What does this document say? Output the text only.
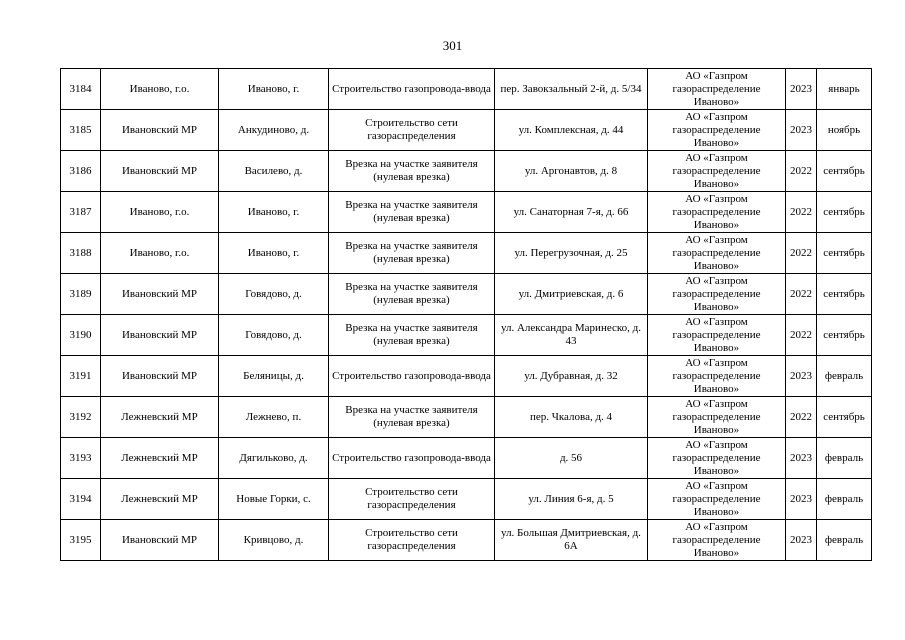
301
3184	Иваново, г.о.	Иваново, г.	Строительство газопровода-ввода	пер. Завокзальный 2-й, д. 5/34	АО «Газпром газораспределение Иваново»	2023	январь
3185	Ивановский МР	Анкудиново, д.	Строительство сети газораспределения	ул. Комплексная, д. 44	АО «Газпром газораспределение Иваново»	2023	ноябрь
3186	Ивановский МР	Василево, д.	Врезка на участке заявителя (нулевая врезка)	ул. Аргонавтов, д. 8	АО «Газпром газораспределение Иваново»	2022	сентябрь
3187	Иваново, г.о.	Иваново, г.	Врезка на участке заявителя (нулевая врезка)	ул. Санаторная 7-я, д. 66	АО «Газпром газораспределение Иваново»	2022	сентябрь
3188	Иваново, г.о.	Иваново, г.	Врезка на участке заявителя (нулевая врезка)	ул. Перегрузочная, д. 25	АО «Газпром газораспределение Иваново»	2022	сентябрь
3189	Ивановский МР	Говядово, д.	Врезка на участке заявителя (нулевая врезка)	ул. Дмитриевская, д. 6	АО «Газпром газораспределение Иваново»	2022	сентябрь
3190	Ивановский МР	Говядово, д.	Врезка на участке заявителя (нулевая врезка)	ул. Александра Маринеско, д. 43	АО «Газпром газораспределение Иваново»	2022	сентябрь
3191	Ивановский МР	Беляницы, д.	Строительство газопровода-ввода	ул. Дубравная, д. 32	АО «Газпром газораспределение Иваново»	2023	февраль
3192	Лежневский МР	Лежнево, п.	Врезка на участке заявителя (нулевая врезка)	пер. Чкалова, д. 4	АО «Газпром газораспределение Иваново»	2022	сентябрь
3193	Лежневский МР	Дягильково, д.	Строительство газопровода-ввода	д. 56	АО «Газпром газораспределение Иваново»	2023	февраль
3194	Лежневский МР	Новые Горки, с.	Строительство сети газораспределения	ул. Линия 6-я, д. 5	АО «Газпром газораспределение Иваново»	2023	февраль
3195	Ивановский МР	Кривцово, д.	Строительство сети газораспределения	ул. Большая Дмитриевская, д. 6А	АО «Газпром газораспределение Иваново»	2023	февраль
